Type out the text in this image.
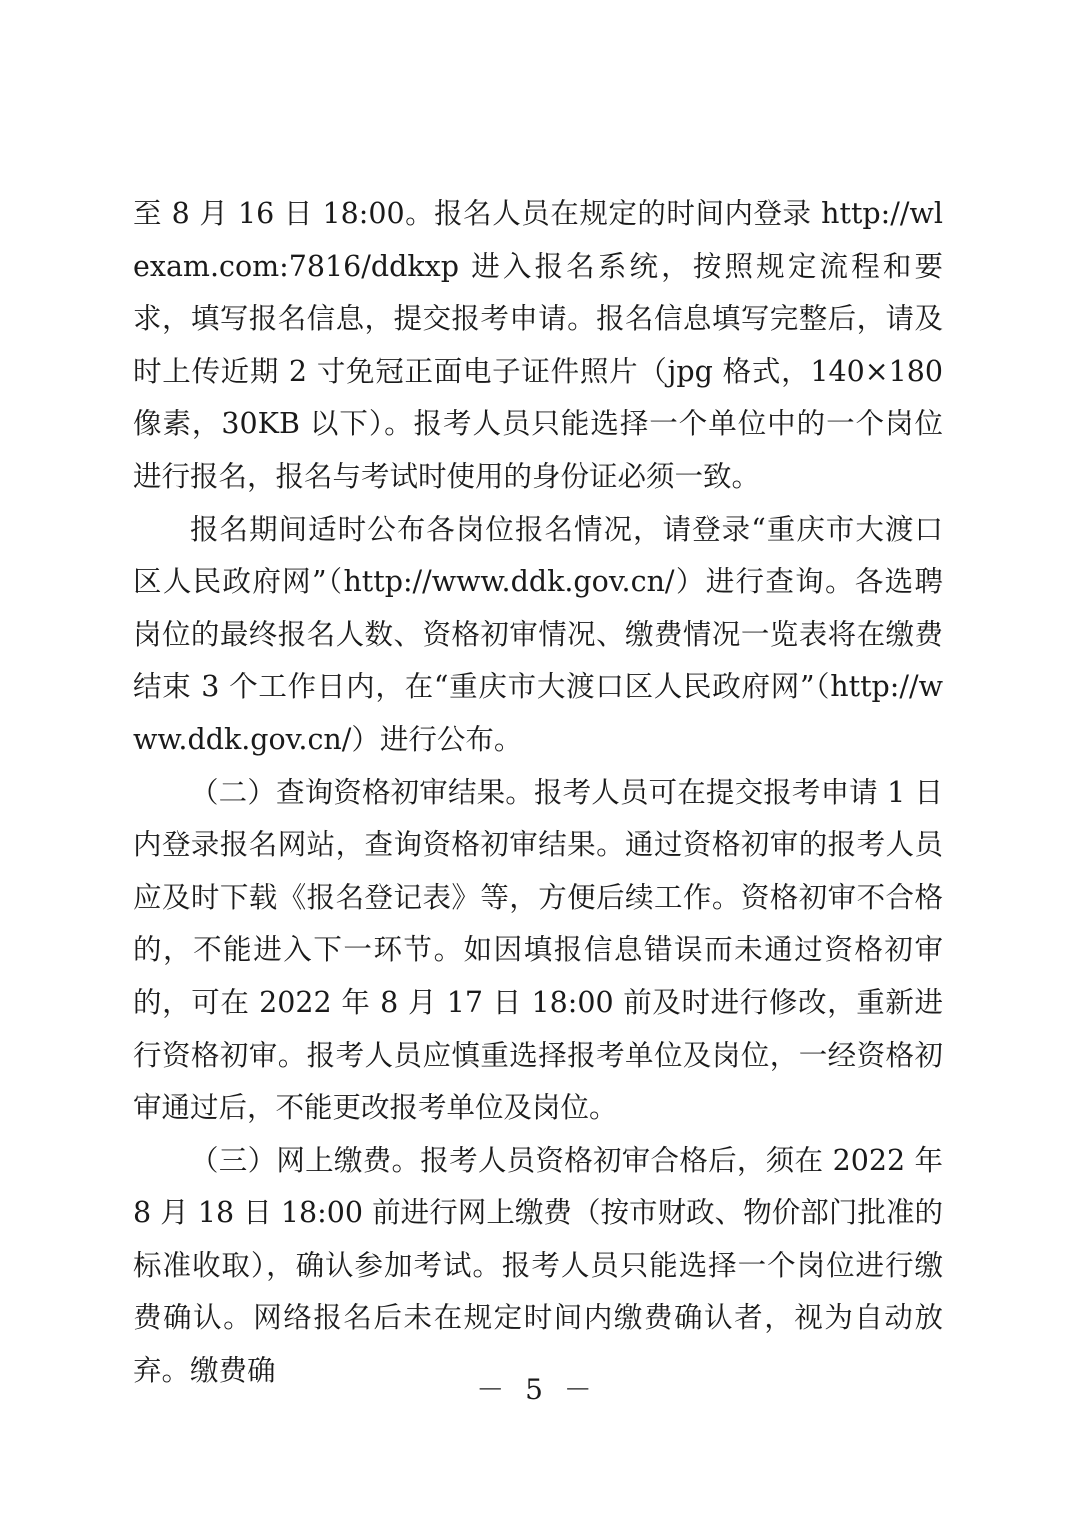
至 8 月 16 日 18:00。报名人员在规定的时间内登录 http://wlexam.com:7816/ddkxp 进入报名系统，按照规定流程和要求，填写报名信息，提交报考申请。报名信息填写完整后，请及时上传近期 2 寸免冠正面电子证件照片（jpg 格式，140×180 像素，30KB 以下）。报考人员只能选择一个单位中的一个岗位进行报名，报名与考试时使用的身份证必须一致。

报名期间适时公布各岗位报名情况，请登录“重庆市大渡口区人民政府网”（http://www.ddk.gov.cn/）进行查询。各选聘岗位的最终报名人数、资格初审情况、缴费情况一览表将在缴费结束 3 个工作日内，在“重庆市大渡口区人民政府网”（http://www.ddk.gov.cn/）进行公布。

（二）查询资格初审结果。报考人员可在提交报考申请 1 日内登录报名网站，查询资格初审结果。通过资格初审的报考人员应及时下载《报名登记表》等，方便后续工作。资格初审不合格的，不能进入下一环节。如因填报信息错误而未通过资格初审的，可在 2022 年 8 月 17 日 18:00 前及时进行修改，重新进行资格初审。报考人员应慎重选择报考单位及岗位，一经资格初审通过后，不能更改报考单位及岗位。

（三）网上缴费。报考人员资格初审合格后，须在 2022 年 8 月 18 日 18:00 前进行网上缴费（按市财政、物价部门批准的标准收取），确认参加考试。报考人员只能选择一个岗位进行缴费确认。网络报名后未在规定时间内缴费确认者，视为自动放弃。缴费确

－ 5 －
